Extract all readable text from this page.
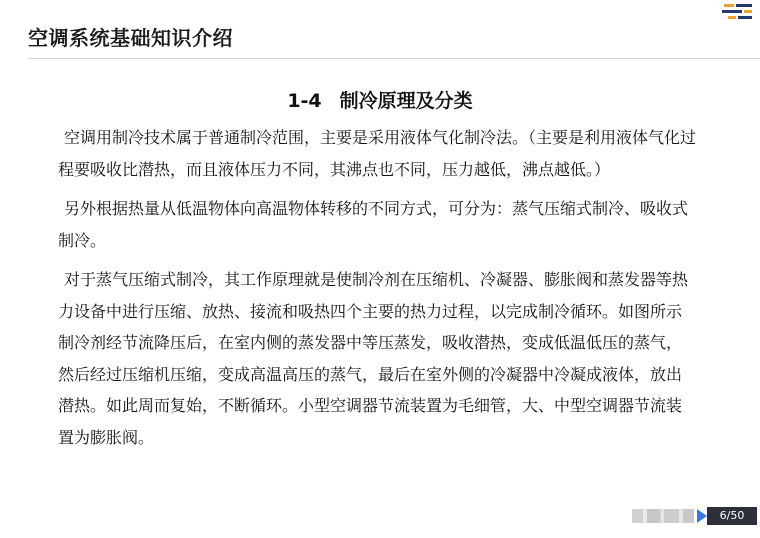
空调系统基础知识介绍
1-4 制冷原理及分类

空调用制冷技术属于普通制冷范围，主要是采用液体气化制冷法。（主要是利用液体气化过程要吸收比潜热，而且液体压力不同，其沸点也不同，压力越低，沸点越低。）

另外根据热量从低温物体向高温物体转移的不同方式，可分为：蒸气压缩式制冷、吸收式制冷。

对于蒸气压缩式制冷，其工作原理就是使制冷剂在压缩机、冷凝器、膨胀阀和蒸发器等热力设备中进行压缩、放热、接流和吸热四个主要的热力过程，以完成制冷循环。如图所示制冷剂经节流降压后，在室内侧的蒸发器中等压蒸发，吸收潜热，变成低温低压的蒸气，然后经过压缩机压缩，变成高温高压的蒸气，最后在室外侧的冷凝器中冷凝成液体，放出潜热。如此周而复始，不断循环。小型空调器节流装置为毛细管，大、中型空调器节流装置为膨胀阀。

6/50
